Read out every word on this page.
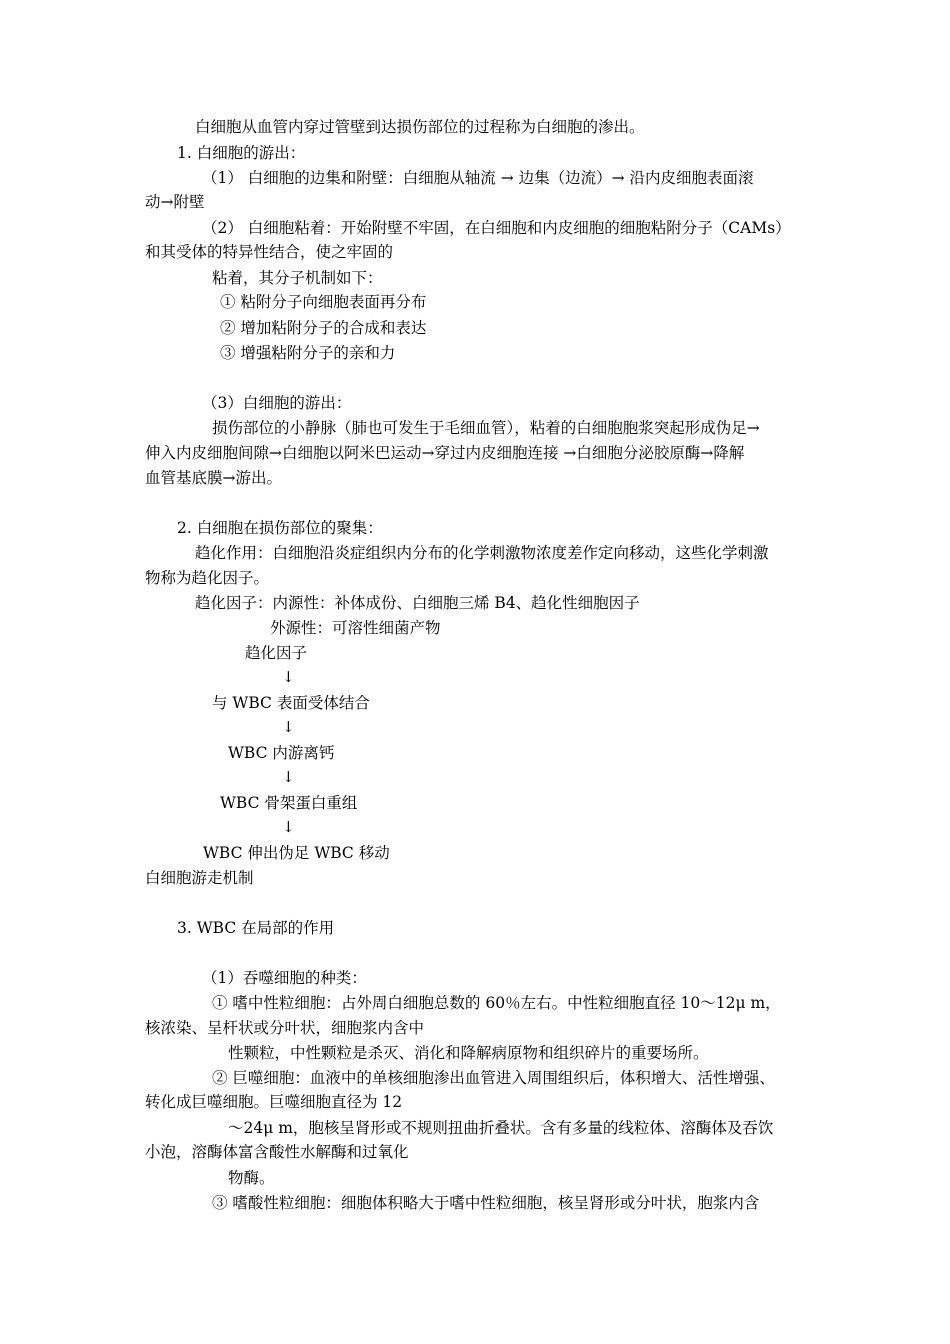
白细胞从血管内穿过管壁到达损伤部位的过程称为白细胞的渗出。
1. 白细胞的游出：
（1） 白细胞的边集和附壁：白细胞从轴流 → 边集（边流）→ 沿内皮细胞表面滚
动→附壁
（2） 白细胞粘着：开始附壁不牢固，在白细胞和内皮细胞的细胞粘附分子（CAMs）
和其受体的特异性结合，使之牢固的
粘着，其分子机制如下：
① 粘附分子向细胞表面再分布
② 增加粘附分子的合成和表达
③ 增强粘附分子的亲和力
（3）白细胞的游出：
损伤部位的小静脉（肺也可发生于毛细血管），粘着的白细胞胞浆突起形成伪足→
伸入内皮细胞间隙→白细胞以阿米巴运动→穿过内皮细胞连接 →白细胞分泌胶原酶→降解
血管基底膜→游出。
2. 白细胞在损伤部位的聚集：
趋化作用：白细胞沿炎症组织内分布的化学刺激物浓度差作定向移动，这些化学刺激
物称为趋化因子。
趋化因子：内源性：补体成份、白细胞三烯 B4、趋化性细胞因子
外源性：可溶性细菌产物
趋化因子
↓
与 WBC 表面受体结合
↓
WBC 内游离钙
↓
WBC 骨架蛋白重组
↓
WBC 伸出伪足 WBC 移动
白细胞游走机制
3. WBC 在局部的作用
（1）吞噬细胞的种类：
① 嗜中性粒细胞：占外周白细胞总数的 60％左右。中性粒细胞直径 10～12μ m，
核浓染、呈杆状或分叶状，细胞浆内含中
性颗粒，中性颗粒是杀灭、消化和降解病原物和组织碎片的重要场所。
② 巨噬细胞：血液中的单核细胞渗出血管进入周围组织后，体积增大、活性增强、
转化成巨噬细胞。巨噬细胞直径为 12
～24μ m，胞核呈肾形或不规则扭曲折叠状。含有多量的线粒体、溶酶体及吞饮
小泡，溶酶体富含酸性水解酶和过氧化
物酶。
③ 嗜酸性粒细胞：细胞体积略大于嗜中性粒细胞，核呈肾形或分叶状，胞浆内含
